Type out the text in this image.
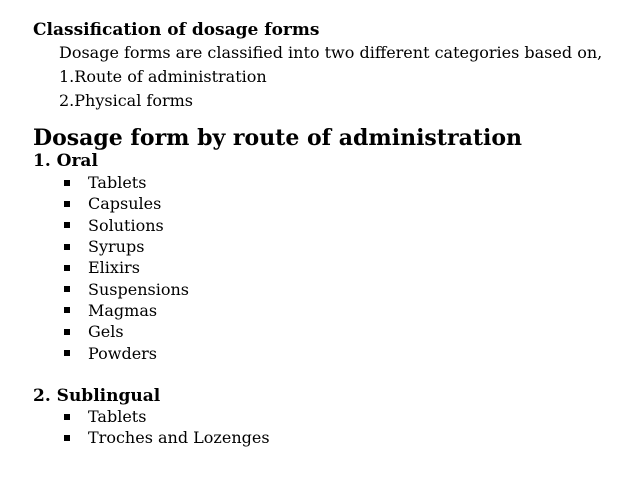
Classification of dosage forms
Dosage forms are classified into two different categories based on,
1.Route of administration
2.Physical forms
Dosage form by route of administration
1. Oral
Tablets
Capsules
Solutions
Syrups
Elixirs
Suspensions
Magmas
Gels
Powders
2. Sublingual
Tablets
Troches and Lozenges
